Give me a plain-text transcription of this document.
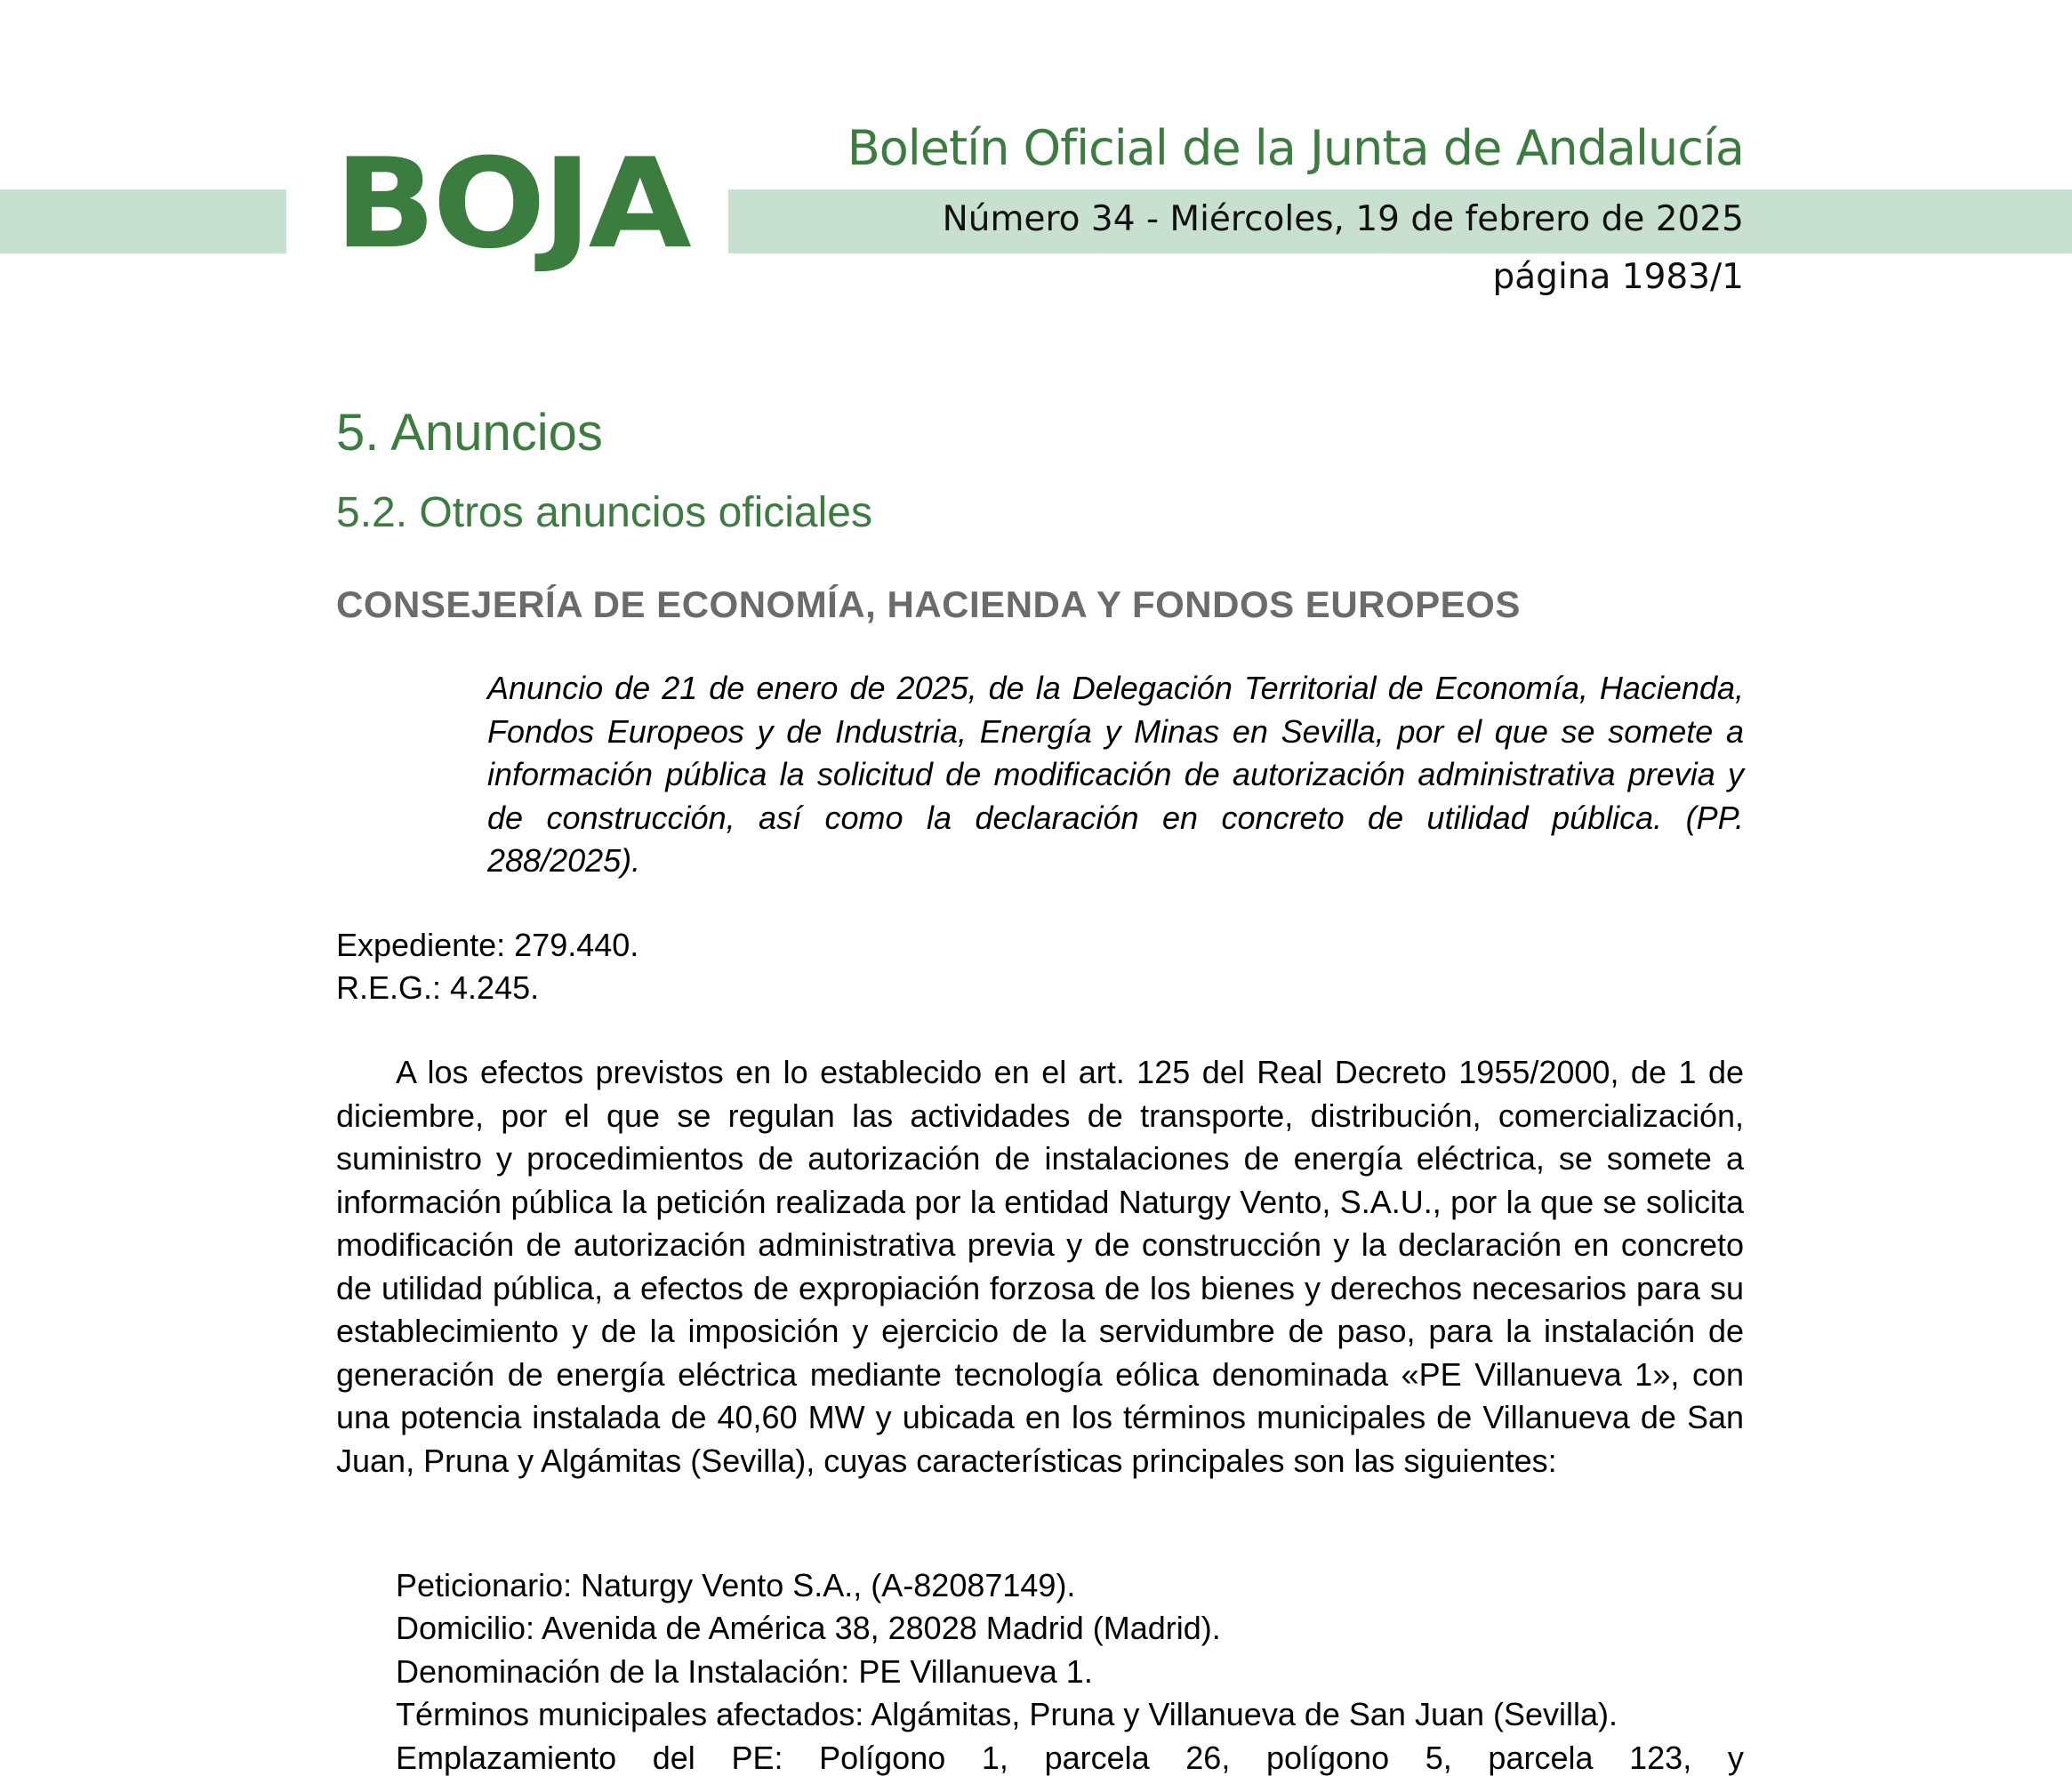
BOJA	Boletín Oficial de la Junta de Andalucía
Número 34 - Miércoles, 19 de febrero de 2025
página 1983/1
5. Anuncios
5.2. Otros anuncios oficiales
CONSEJERÍA DE ECONOMÍA, HACIENDA Y FONDOS EUROPEOS

Anuncio de 21 de enero de 2025, de la Delegación Territorial de Economía, Hacienda, Fondos Europeos y de Industria, Energía y Minas en Sevilla, por el que se somete a información pública la solicitud de modificación de autorización administrativa previa y de construcción, así como la declaración en concreto de utilidad pública. (PP. 288/2025).

Expediente: 279.440.
R.E.G.: 4.245.

A los efectos previstos en lo establecido en el art. 125 del Real Decreto 1955/2000, de 1 de diciembre, por el que se regulan las actividades de transporte, distribución, comercialización, suministro y procedimientos de autorización de instalaciones de energía eléctrica, se somete a información pública la petición realizada por la entidad Naturgy Vento, S.A.U., por la que se solicita modificación de autorización administrativa previa y de construcción y la declaración en concreto de utilidad pública, a efectos de expropiación forzosa de los bienes y derechos necesarios para su establecimiento y de la imposición y ejercicio de la servidumbre de paso, para la instalación de generación de energía eléctrica mediante tecnología eólica denominada «PE Villanueva 1», con una potencia instalada de 40,60 MW y ubicada en los términos municipales de Villanueva de San Juan, Pruna y Algámitas (Sevilla), cuyas características principales son las siguientes:

Peticionario: Naturgy Vento S.A., (A-82087149).
Domicilio: Avenida de América 38, 28028 Madrid (Madrid).
Denominación de la Instalación: PE Villanueva 1.
Términos municipales afectados: Algámitas, Pruna y Villanueva de San Juan (Sevilla).
Emplazamiento del PE: Polígono 1, parcela 26, polígono 5, parcela 123, y
